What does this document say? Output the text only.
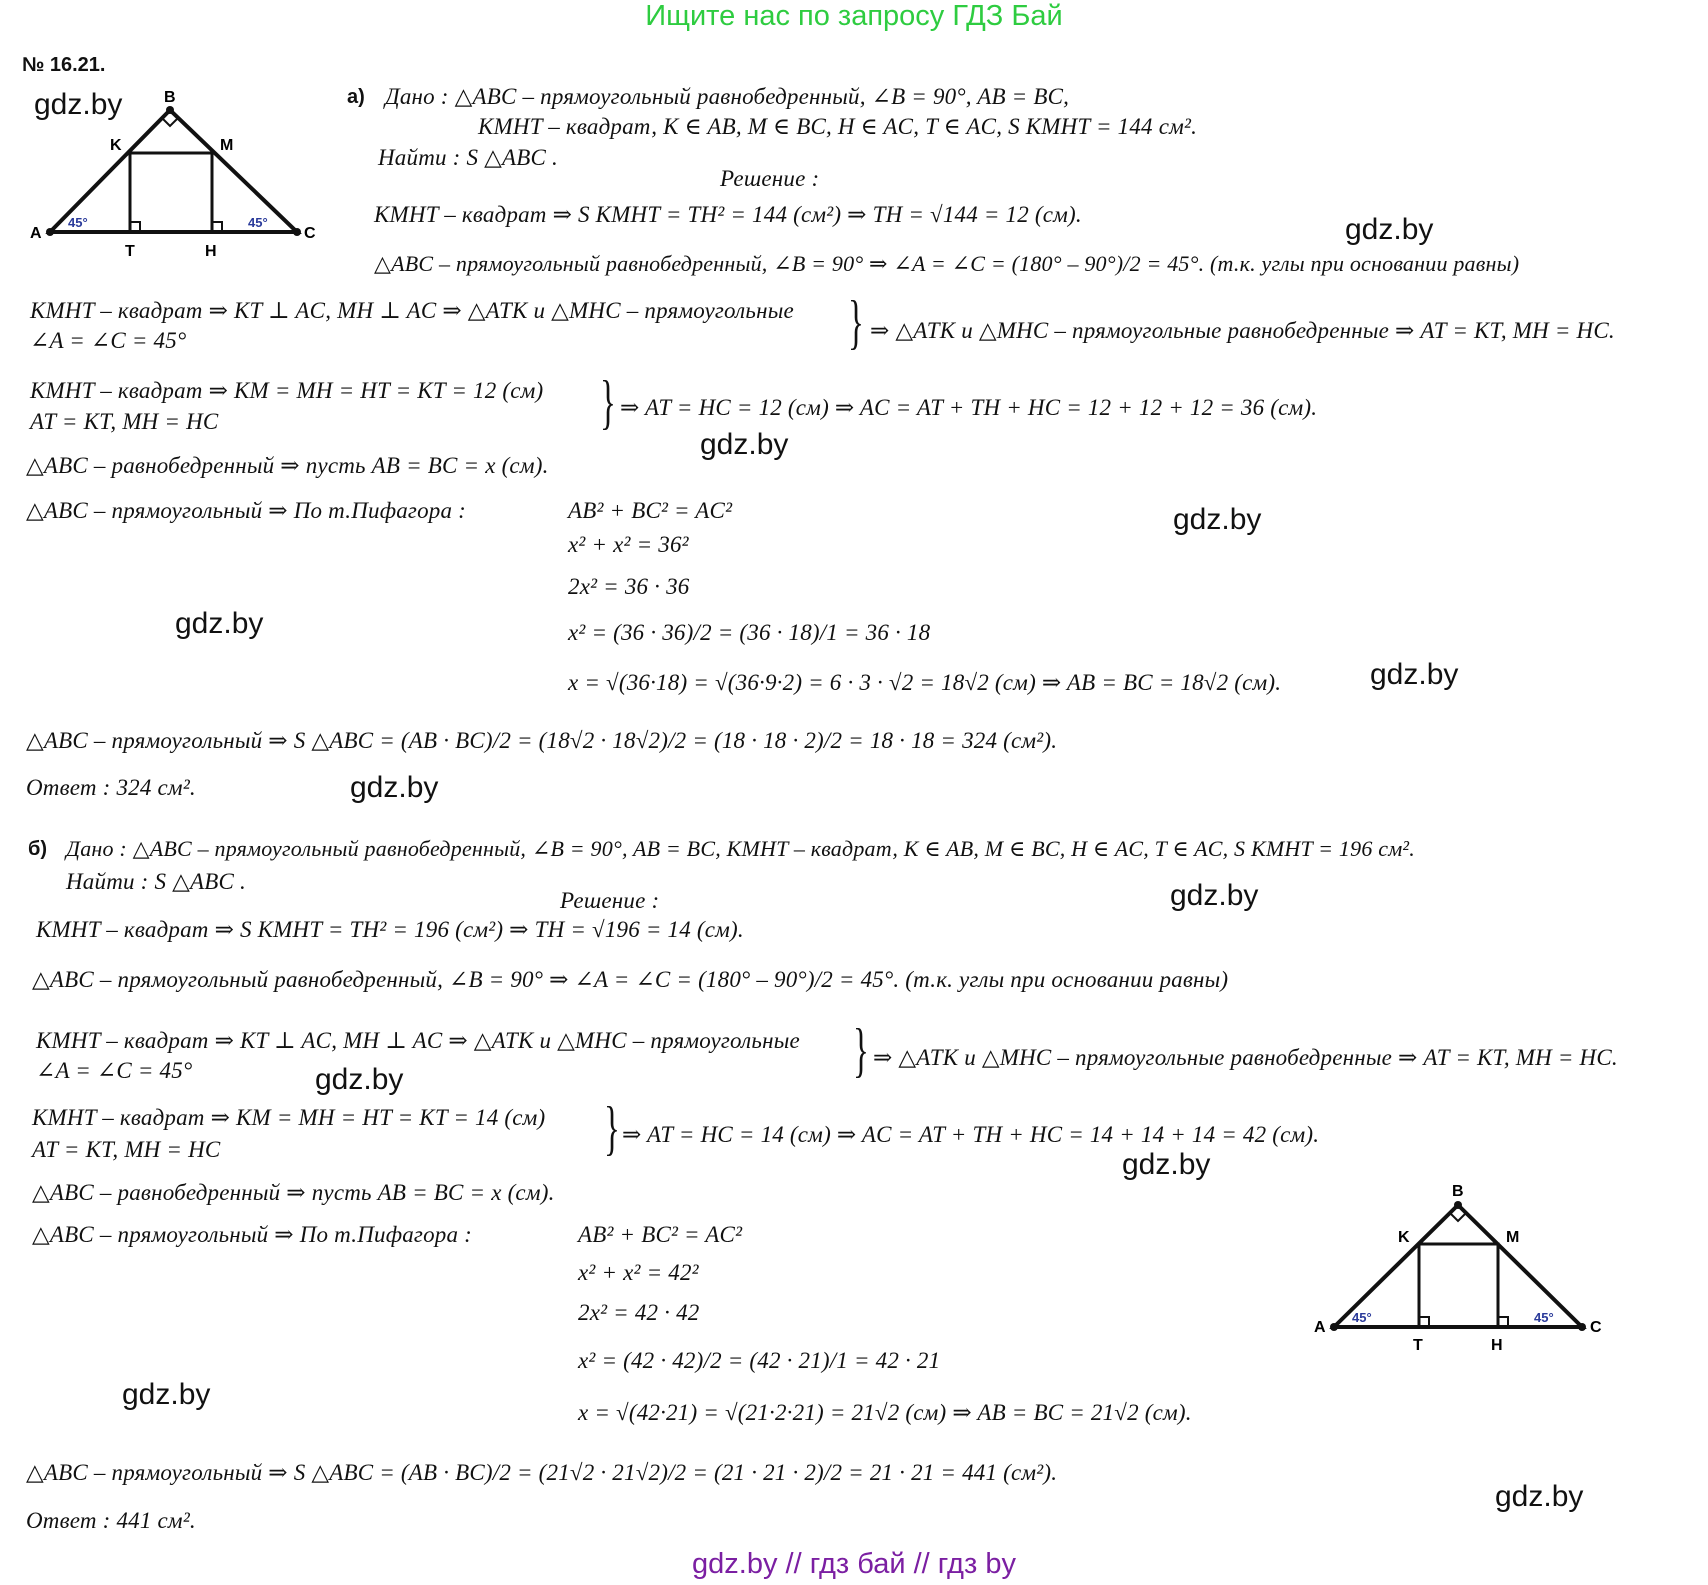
Ищите нас по запросу ГДЗ Бай
№ 16.21.
gdz.by
gdz.by
gdz.by
gdz.by
gdz.by
gdz.by
gdz.by
gdz.by
gdz.by
gdz.by
gdz.by
gdz.by
A
B
C
K	M
T	H
45°	45°
а) Дано : △ABC – прямоугольный равнобедренный, ∠B = 90°, AB = BC,
KMHT – квадрат, K ∈ AB, M ∈ BC, H ∈ AC, T ∈ AC, S KMHT = 144 см².
Найти : S △ABC .
Решение :
KMHT – квадрат ⇒ S KMHT = TH² = 144 (см²) ⇒ TH = √144 = 12 (см).
△ABC – прямоугольный равнобедренный, ∠B = 90° ⇒ ∠A = ∠C = (180° – 90°)/2 = 45°. (т.к. углы при основании равны)
KMHT – квадрат ⇒ KT ⊥ AC, MH ⊥ AC ⇒ △ATK и △MHC – прямоугольные
∠A = ∠C = 45°	} ⇒ △ATK и △MHC – прямоугольные равнобедренные ⇒ AT = KT, MH = HC.
KMHT – квадрат ⇒ KM = MH = HT = KT = 12 (см)
AT = KT, MH = HC	} ⇒ AT = HC = 12 (см) ⇒ AC = AT + TH + HC = 12 + 12 + 12 = 36 (см).
△ABC – равнобедренный ⇒ пусть AB = BC = x (см).
△ABC – прямоугольный ⇒ По т.Пифагора :	AB² + BC² = AC²
x² + x² = 36²
2x² = 36 · 36
x² = (36 · 36)/2 = (36 · 18)/1 = 36 · 18
x = √(36·18) = √(36·9·2) = 6 · 3 · √2 = 18√2 (см) ⇒ AB = BC = 18√2 (см).
△ABC – прямоугольный ⇒ S △ABC = (AB · BC)/2 = (18√2 · 18√2)/2 = (18 · 18 · 2)/2 = 18 · 18 = 324 (см²).
Ответ : 324 см².
б) Дано : △ABC – прямоугольный равнобедренный, ∠B = 90°, AB = BC, KMHT – квадрат, K ∈ AB, M ∈ BC, H ∈ AC, T ∈ AC, S KMHT = 196 см².
Найти : S △ABC .
Решение :
KMHT – квадрат ⇒ S KMHT = TH² = 196 (см²) ⇒ TH = √196 = 14 (см).
△ABC – прямоугольный равнобедренный, ∠B = 90° ⇒ ∠A = ∠C = (180° – 90°)/2 = 45°. (т.к. углы при основании равны)
KMHT – квадрат ⇒ KT ⊥ AC, MH ⊥ AC ⇒ △ATK и △MHC – прямоугольные
∠A = ∠C = 45°	} ⇒ △ATK и △MHC – прямоугольные равнобедренные ⇒ AT = KT, MH = HC.
KMHT – квадрат ⇒ KM = MH = HT = KT = 14 (см)
AT = KT, MH = HC	} ⇒ AT = HC = 14 (см) ⇒ AC = AT + TH + HC = 14 + 14 + 14 = 42 (см).
△ABC – равнобедренный ⇒ пусть AB = BC = x (см).
△ABC – прямоугольный ⇒ По т.Пифагора :	AB² + BC² = AC²
x² + x² = 42²
2x² = 42 · 42
x² = (42 · 42)/2 = (42 · 21)/1 = 42 · 21
x = √(42·21) = √(21·2·21) = 21√2 (см) ⇒ AB = BC = 21√2 (см).
△ABC – прямоугольный ⇒ S △ABC = (AB · BC)/2 = (21√2 · 21√2)/2 = (21 · 21 · 2)/2 = 21 · 21 = 441 (см²).
Ответ : 441 см².
A
B
C
K	M
T	H
45°	45°
gdz.by // гдз бай // гдз by
